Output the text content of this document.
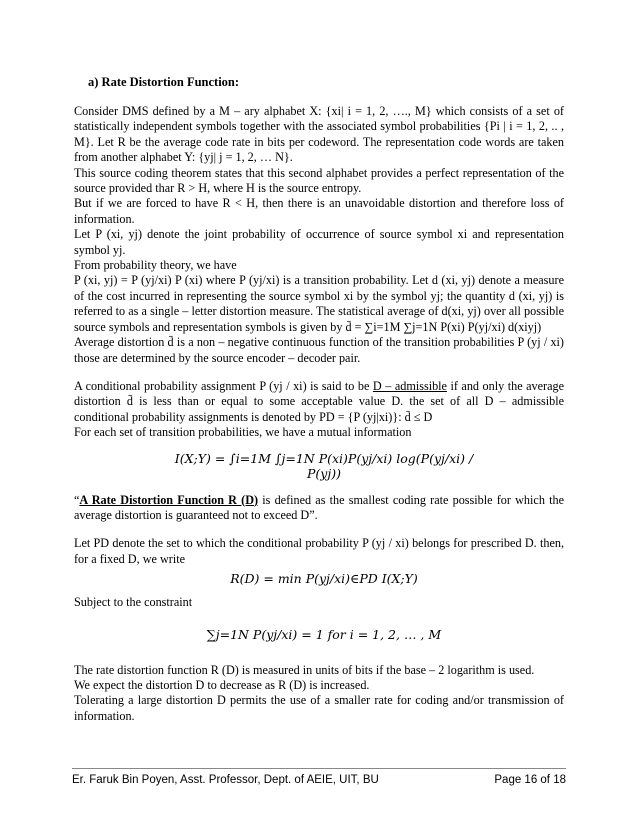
a) Rate Distortion Function:

Consider DMS defined by a M – ary alphabet X: {xi| i = 1, 2, …., M} which consists of a set of statistically independent symbols together with the associated symbol probabilities {Pi | i = 1, 2, .. , M}. Let R be the average code rate in bits per codeword. The representation code words are taken from another alphabet Y: {yj| j = 1, 2, … N}.

This source coding theorem states that this second alphabet provides a perfect representation of the source provided thar R > H, where H is the source entropy.

But if we are forced to have R < H, then there is an unavoidable distortion and therefore loss of information.

Let P (xi, yj) denote the joint probability of occurrence of source symbol xi and representation symbol yj.

From probability theory, we have

P (xi, yj) = P (yj/xi) P (xi) where P (yj/xi) is a transition probability. Let d (xi, yj) denote a measure of the cost incurred in representing the source symbol xi by the symbol yj; the quantity d (xi, yj) is referred to as a single – letter distortion measure. The statistical average of d(xi, yj) over all possible source symbols and representation symbols is given by d̄ = ∑i=1M ∑j=1N P(xi) P(yj/xi) d(xiyj)

Average distortion d̄ is a non – negative continuous function of the transition probabilities P (yj / xi) those are determined by the source encoder – decoder pair.

A conditional probability assignment P (yj / xi) is said to be D – admissible if and only the average distortion d̄ is less than or equal to some acceptable value D. the set of all D – admissible conditional probability assignments is denoted by PD = {P (yj|xi)}: d̄ ≤ D

For each set of transition probabilities, we have a mutual information

I(X;Y) = ∫i=1M ∫j=1N P(xi)P(yj/xi) log(P(yj/xi) / P(yj))

“A Rate Distortion Function R (D) is defined as the smallest coding rate possible for which the average distortion is guaranteed not to exceed D”.

Let PD denote the set to which the conditional probability P (yj / xi) belongs for prescribed D. then, for a fixed D, we write

R(D) = min P(yj/xi)∈PD I(X;Y)

Subject to the constraint

∑j=1N P(yj/xi) = 1 for i = 1, 2, … , M

The rate distortion function R (D) is measured in units of bits if the base – 2 logarithm is used.

We expect the distortion D to decrease as R (D) is increased.

Tolerating a large distortion D permits the use of a smaller rate for coding and/or transmission of information.

Er. Faruk Bin Poyen, Asst. Professor, Dept. of AEIE, UIT, BU	Page 16 of 18
